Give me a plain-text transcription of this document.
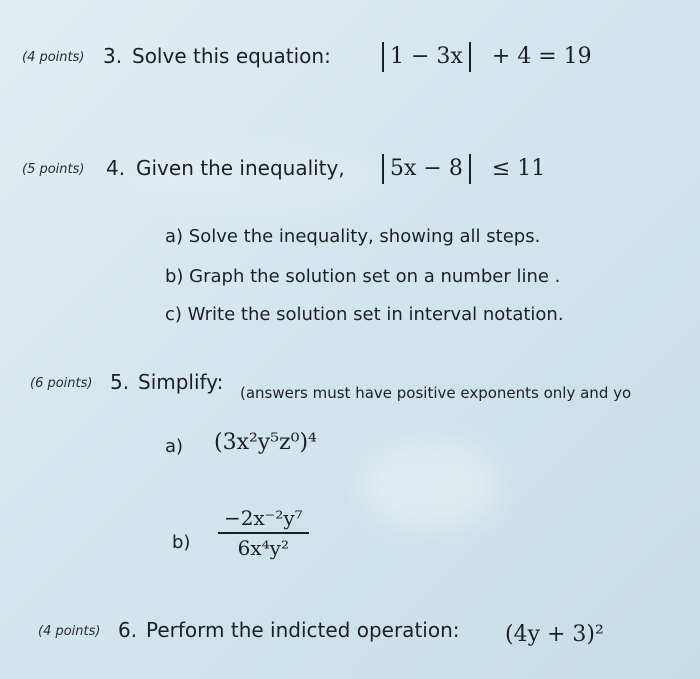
(4 points) 3. Solve this equation:	1 − 3x + 4 = 19
(5 points) 4. Given the inequality,	5x − 8 ≤ 11
a) Solve the inequality, showing all steps.
b) Graph the solution set on a number line .
c) Write the solution set in interval notation.
(6 points) 5. Simplify: (answers must have positive exponents only and yo
a) (3x²y⁵z⁰)⁴
$b) \frac{\text{−2x⁻²y⁷}}{\text{6x⁴y²}}$
(4 points) 6. Perform the indicted operation: (4y + 3)²
